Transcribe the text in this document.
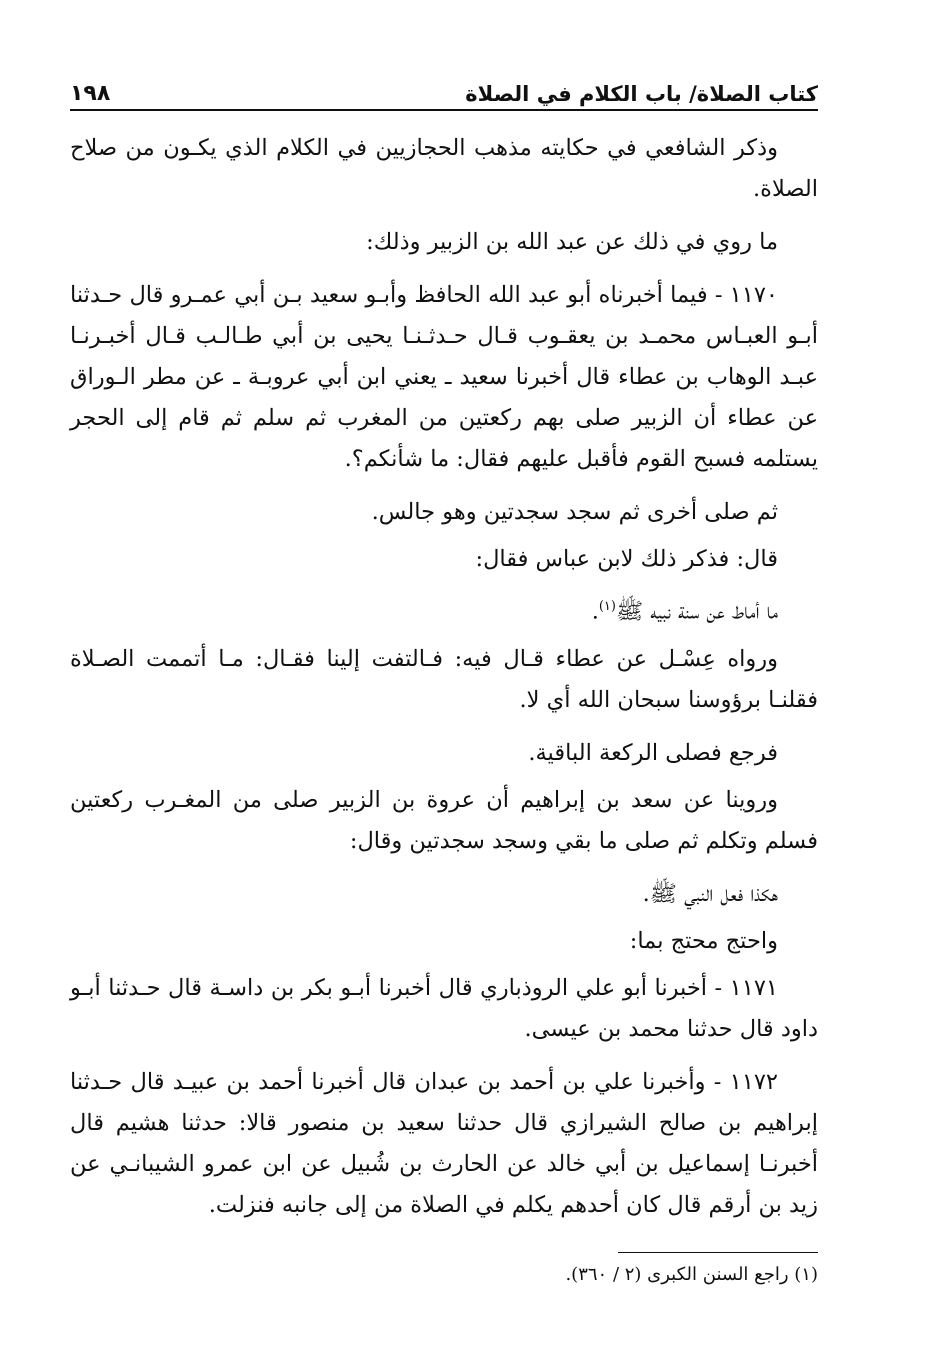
كتاب الصلاة/ باب الكلام في الصلاة
١٩٨

وذكر الشافعي في حكايته مذهب الحجازيين في الكلام الذي يكـون من صلاح الصلاة.

ما روي في ذلك عن عبد الله بن الزبير وذلك:

١١٧٠ - فيما أخبرناه أبو عبد الله الحافظ وأبـو سعيد بـن أبي عمـرو قال حـدثنا أبـو العبـاس محمـد بن يعقـوب قـال حـدثـنـا يحيى بن أبي طـالـب قـال أخبـرنـا عبـد الوهاب بن عطاء قال أخبرنا سعيد ـ يعني ابن أبي عروبـة ـ عن مطر الـوراق عن عطاء أن الزبير صلى بهم ركعتين من المغرب ثم سلم ثم قام إلى الحجر يستلمه فسبح القوم فأقبل عليهم فقال: ما شأنكم؟.

ثم صلى أخرى ثم سجد سجدتين وهو جالس.

قال: فذكر ذلك لابن عباس فقال:

ما أماط عن سنة نبيه ﷺ$^{(١)}$.

ورواه عِسْـل عن عطاء قـال فيه: فـالتفت إلينا فقـال: مـا أتممت الصـلاة فقلنـا برؤوسنا سبحان الله أي لا.

فرجع فصلى الركعة الباقية.

وروينا عن سعد بن إبراهيم أن عروة بن الزبير صلى من المغـرب ركعتين فسلم وتكلم ثم صلى ما بقي وسجد سجدتين وقال:

هكذا فعل النبي ﷺ.

واحتج محتج بما:

١١٧١ - أخبرنا أبو علي الروذباري قال أخبرنا أبـو بكر بن داسـة قال حـدثنا أبـو داود قال حدثنا محمد بن عيسى.

١١٧٢ - وأخبرنا علي بن أحمد بن عبدان قال أخبرنا أحمد بن عبيـد قال حـدثنا إبراهيم بن صالح الشيرازي قال حدثنا سعيد بن منصور قالا: حدثنا هشيم قال أخبرنـا إسماعيل بن أبي خالد عن الحارث بن شُبيل عن ابن عمرو الشيبانـي عن زيد بن أرقم قال كان أحدهم يكلم في الصلاة من إلى جانبه فنزلت.

(١) راجع السنن الكبرى (٢ / ٣٦٠).
